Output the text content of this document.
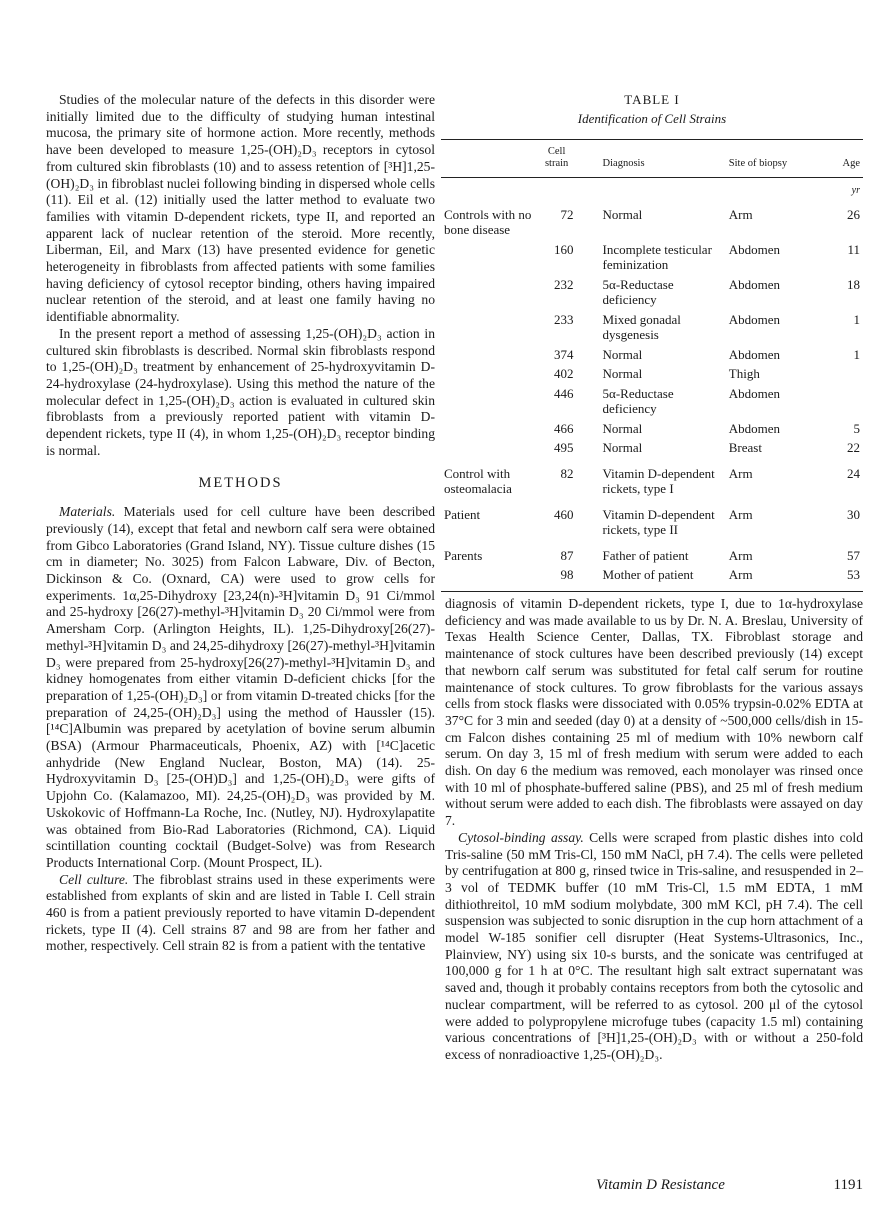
Studies of the molecular nature of the defects in this disorder were initially limited due to the difficulty of studying human intestinal mucosa, the primary site of hormone action. More recently, methods have been developed to measure 1,25-(OH)₂D₃ receptors in cytosol from cultured skin fibroblasts (10) and to assess retention of [³H]1,25-(OH)₂D₃ in fibroblast nuclei following binding in dispersed whole cells (11). Eil et al. (12) initially used the latter method to evaluate two families with vitamin D-dependent rickets, type II, and reported an apparent lack of nuclear retention of the steroid. More recently, Liberman, Eil, and Marx (13) have presented evidence for genetic heterogeneity in fibroblasts from affected patients with some families having deficiency of cytosol receptor binding, others having impaired nuclear retention of the steroid, and at least one family having no identifiable abnormality.

In the present report a method of assessing 1,25-(OH)₂D₃ action in cultured skin fibroblasts is described. Normal skin fibroblasts respond to 1,25-(OH)₂D₃ treatment by enhancement of 25-hydroxyvitamin D-24-hydroxylase (24-hydroxylase). Using this method the nature of the molecular defect in 1,25-(OH)₂D₃ action is evaluated in cultured skin fibroblasts from a previously reported patient with vitamin D-dependent rickets, type II (4), in whom 1,25-(OH)₂D₃ receptor binding is normal.

METHODS

Materials. Materials used for cell culture have been described previously (14), except that fetal and newborn calf sera were obtained from Gibco Laboratories (Grand Island, NY). Tissue culture dishes (15 cm in diameter; No. 3025) from Falcon Labware, Div. of Becton, Dickinson & Co. (Oxnard, CA) were used to grow cells for experiments. 1α,25-Dihydroxy [23,24(n)-³H]vitamin D₃ 91 Ci/mmol and 25-hydroxy [26(27)-methyl-³H]vitamin D₃ 20 Ci/mmol were from Amersham Corp. (Arlington Heights, IL). 1,25-Dihydroxy[26(27)-methyl-³H]vitamin D₃ and 24,25-dihydroxy [26(27)-methyl-³H]vitamin D₃ were prepared from 25-hydroxy[26(27)-methyl-³H]vitamin D₃ and kidney homogenates from either vitamin D-deficient chicks [for the preparation of 1,25-(OH)₂D₃] or from vitamin D-treated chicks [for the preparation of 24,25-(OH)₂D₃] using the method of Haussler (15). [¹⁴C]Albumin was prepared by acetylation of bovine serum albumin (BSA) (Armour Pharmaceuticals, Phoenix, AZ) with [¹⁴C]acetic anhydride (New England Nuclear, Boston, MA) (14). 25-Hydroxyvitamin D₃ [25-(OH)D₃] and 1,25-(OH)₂D₃ were gifts of Upjohn Co. (Kalamazoo, MI). 24,25-(OH)₂D₃ was provided by M. Uskokovic of Hoffmann-La Roche, Inc. (Nutley, NJ). Hydroxylapatite was obtained from Bio-Rad Laboratories (Richmond, CA). Liquid scintillation counting cocktail (Budget-Solve) was from Research Products International Corp. (Mount Prospect, IL).

Cell culture. The fibroblast strains used in these experiments were established from explants of skin and are listed in Table I. Cell strain 460 is from a patient previously reported to have vitamin D-dependent rickets, type II (4). Cell strains 87 and 98 are from her father and mother, respectively. Cell strain 82 is from a patient with the tentative

TABLE I
Identification of Cell Strains
	Cell strain	Diagnosis	Site of biopsy	Age
				yr
Controls with no bone disease	72	Normal	Arm	26
	160	Incomplete testicular feminization	Abdomen	11
	232	5α-Reductase deficiency	Abdomen	18
	233	Mixed gonadal dysgenesis	Abdomen	1
	374	Normal	Abdomen	1
	402	Normal	Thigh	
	446	5α-Reductase deficiency	Abdomen	
	466	Normal	Abdomen	5
	495	Normal	Breast	22
Control with osteomalacia	82	Vitamin D-dependent rickets, type I	Arm	24
Patient	460	Vitamin D-dependent rickets, type II	Arm	30
Parents	87	Father of patient	Arm	57
	98	Mother of patient	Arm	53

diagnosis of vitamin D-dependent rickets, type I, due to 1α-hydroxylase deficiency and was made available to us by Dr. N. A. Breslau, University of Texas Health Science Center, Dallas, TX. Fibroblast storage and maintenance of stock cultures have been described previously (14) except that newborn calf serum was substituted for fetal calf serum for routine maintenance of stock cultures. To grow fibroblasts for the various assays cells from stock flasks were dissociated with 0.05% trypsin-0.02% EDTA at 37°C for 3 min and seeded (day 0) at a density of ~500,000 cells/dish in 15-cm Falcon dishes containing 25 ml of medium with 10% newborn calf serum. On day 3, 15 ml of fresh medium with serum were added to each dish. On day 6 the medium was removed, each monolayer was rinsed once with 10 ml of phosphate-buffered saline (PBS), and 25 ml of fresh medium without serum were added to each dish. The fibroblasts were assayed on day 7.

Cytosol-binding assay. Cells were scraped from plastic dishes into cold Tris-saline (50 mM Tris-Cl, 150 mM NaCl, pH 7.4). The cells were pelleted by centrifugation at 800 g, rinsed twice in Tris-saline, and resuspended in 2–3 vol of TEDMK buffer (10 mM Tris-Cl, 1.5 mM EDTA, 1 mM dithiothreitol, 10 mM sodium molybdate, 300 mM KCl, pH 7.4). The cell suspension was subjected to sonic disruption in the cup horn attachment of a model W-185 sonifier cell disrupter (Heat Systems-Ultrasonics, Inc., Plainview, NY) using six 10-s bursts, and the sonicate was centrifuged at 100,000 g for 1 h at 0°C. The resultant high salt extract supernatant was saved and, though it probably contains receptors from both the cytosolic and nuclear compartment, will be referred to as cytosol. 200 μl of the cytosol were added to polypropylene microfuge tubes (capacity 1.5 ml) containing various concentrations of [³H]1,25-(OH)₂D₃ with or without a 250-fold excess of nonradioactive 1,25-(OH)₂D₃.

Vitamin D Resistance	1191
